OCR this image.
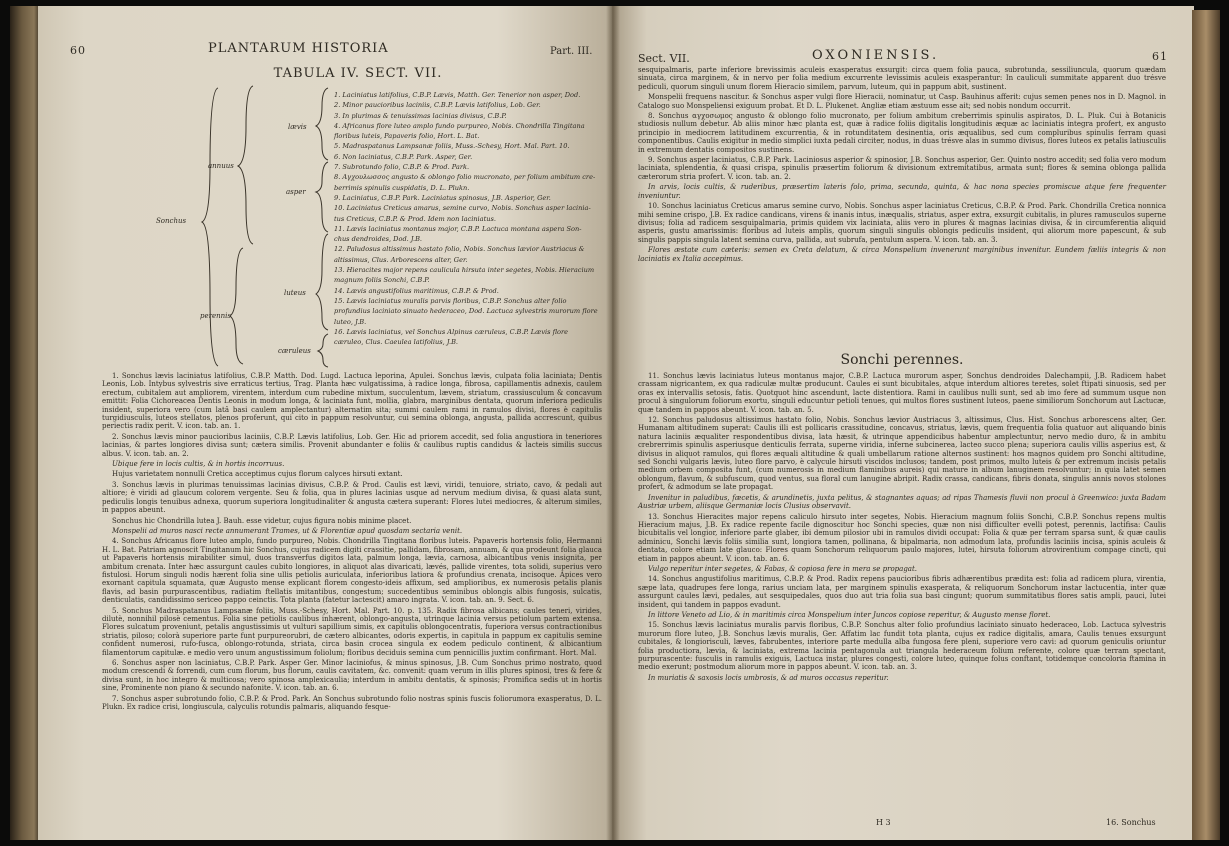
PLANTARUM HISTORIA
60	Part. III.
TABULA IV. SECT. VII.
Sonchus
annuus
perennis
lævis
asper
luteus
cæruleus
1. Laciniatus latifolius, C.B.P. Lævis, Matth. Ger. Tenerior non asper, Dod.
2. Minor paucioribus laciniis, C.B.P. Lævis latifolius, Lob. Ger.
3. In plurimas & tenuissimas lacinias divisus, C.B.P.
4. Africanus flore luteo amplo fundo purpureo, Nobis. Chondrilla Tingitana
floribus luteis, Papaveris folio, Hort. L. Bat.
5. Madraspatanus Lampsanæ foliis, Muss.-Schesy, Hort. Mal. Part. 10.
6. Non laciniatus, C.B.P. Park. Asper, Ger.
7. Subrotundo folio, C.B.P. & Prod. Park.
8. Αγχουλωσσος angusto & oblongo folio mucronato, per folium ambitum cre-
berrimis spinulis cuspidatis, D. L. Plukn.
9. Laciniatus, C.B.P. Park. Laciniatus spinosus, J.B. Asperior, Ger.
10. Laciniatus Creticus amarus, semine curvo, Nobis. Sonchus asper lacinia-
tus Creticus, C.B.P. & Prod. Idem non laciniatus.
11. Lævis laciniatus montanus major, C.B.P. Lactuca montana aspera Son-
chus dendroides, Dod. J.B.
12. Paludosus altissimus hastato folio, Nobis. Sonchus lævior Austriacus &
altissimus, Clus. Arborescens alter, Ger.
13. Hieracites major repens caulicula hirsuta inter segetes, Nobis. Hieracium
magnum foliis Sonchi, C.B.P.
14. Lævis angustifolius maritimus, C.B.P. & Prod.
15. Lævis laciniatus muralis parvis floribus, C.B.P. Sonchus alter folio
profundius laciniato sinuato hederaceo, Dod. Lactuca sylvestris murorum flore
luteo, J.B.
16. Lævis laciniatus, vel Sonchus Alpinus cæruleus, C.B.P. Lævis flore
cæruleo, Clus. Caeulea latifolius, J.B.

1. Sonchus lævis laciniatus latifolius, C.B.P. Matth. Dod. Lugd. Lactuca leporina, Apulei. Sonchus lævis, culpata folia laciniata; Dentis Leonis, Lob. Intybus sylvestris sive erraticus tertius, Trag. Planta hæc vulgatissima, à radice longa, fibrosa, capillamentis adnexis, caulem erectum, cubitalem aut ampliorem, virentem, interdum cum rubedine mixtum, succulentum, lævem, striatum, crassiusculum & concavum emittit: Folia Cichoreacea Dentis Leonis in modum longa, & laciniata funt, mollia, glabra, marginibus dentata, quorum inferiora pediculis insident, superiora vero (cum latâ basi caulem amplectantur) alternatim sita; summi caulem rami in ramulos divisi, flores è capitulis turgidiusculis, luteos stellatos, plenos proferunt, qui cito in pappum resolvuntur, cui semina oblonga, angusta, pallida accrescunt, quibus periectis radix perit. V. icon. tab. an. 1.

2. Sonchus lævis minor paucioribus laciniis, C.B.P. Lævis latifolius, Lob. Ger. Hic ad priorem accedit, sed folia angustiora in teneriores lacinias, & partes longiores divisa sunt; cætera similis. Provenit abundanter e foliis & caulibus ruptis candidus & lacteis similis succus albus. V. icon. tab. an. 2.

Ubique fere in locis cultis, & in hortis incorruus.

Hujus varietatem nonnulli Cretica acceptimus cujus florum calyces hirsuti extant.

3. Sonchus lævis in plurimas tenuissimas lacinias divisus, C.B.P. & Prod. Caulis est lævi, viridi, tenuiore, striato, cavo, & pedali aut altiore; è viridi ad glaucum colorem vergente. Seu & folia, qua in plures lacinias usque ad nervum medium divisa, & quasi alata sunt, pediculis longis tenuibus adnexa, quorum superiora longitudinaliter & angusta cætera superant: Flores lutei mediocres, & alterum similes, in pappos abeunt.

Sonchus hic Chondrilla lutea J. Bauh. esse videtur, cujus figura nobis minime placet.

Monspelii ad muros nasci recte annumerant Trames, ut & Florentiæ apud quosdam sectaria venit.

4. Sonchus Africanus flore luteo amplo, fundo purpureo, Nobis. Chondrilla Tingitana floribus luteis. Papaveris hortensis folio, Hermanni H. L. Bat. Patriam agnoscit Tingitanum hic Sonchus, cujus radicem digiti crassitie, pallidam, fibrosam, annuam, & qua prodeunt folia glauca ut Papaveris hortensis mirabiliter simul, duos transverfus digitos lata, palmum longa, lævia, carnosa, albicantibus venis insignita, per ambitum crenata. Inter hæc assurgunt caules cubito longiores, in aliquot alas divaricati, lævés, pallide virentes, tota solidi, superius vero fistulosi. Horum singuli nodis hærent folia sine ullis petiolis auriculata, inferioribus latiora & profundius crenata, incisoque. Apices vero exornant capitula squamata, quæ Augusto mense explicant florem congesto-ideis affixum, sed amplioribus, ex numerosis petalis planis flavis, ad basin purpurascentibus, radiatim ftellatis imitantibus, congestum; succedentibus seminibus oblongis albis fungosis, sulcatis, denticulatis, candidissimo sericeo pappo ceinctis. Tota planta (fatetur lactescit) amaro ingrata. V. icon. tab. an. 9. Sect. 6.

5. Sonchus Madraspatanus Lampsanæ foliis, Muss.-Schesy, Hort. Mal. Part. 10. p. 135. Radix fibrosa albicans; caules teneri, virides, dilutè, nonnihil pilosè cementus. Folia sine petiolis caulibus inhærent, oblongo-angusta, utrinque lacinia versus petiolum partem extensa. Flores sulcatum proveniunt, petalis angustissimis ut vulturi sapillium simis, ex capitulis oblongocentratis, fuperiora versus contractionibus striatis, piloso; colorà superiore parte funt purpureorubri, de cætero albicantes, odoris expertis, in capitula in pappum ex capitulis semine confident numerosi, rufo-fusca, oblongo-rotunda, striata, circa basin crocea singula ex eodem pediculo continent, & albicantium filamentorum capitulæ. e medio vero unum angustissimum foliolum; floribus deciduis semina cum pennicillis juxtim confirmant. Hort. Mal.

6. Sonchus asper non laciniatus, C.B.P. Park. Asper Ger. Minor laciniofus, & minus spinosus, J.B. Cum Sonchus primo nostrato, quod modum crescendi & forrendi, cum cum florum, bus florum, caulis cavitatem, &c. convenit: quam verum in illis plures spinosi, tres & fere & divisa sunt, in hoc integro & multicosa; vero spinosa amplexicaulia; interdum in ambitu dentatis, & spinosis; Promifica sedis ut in hortis sine, Prominente non piano & secundo nafonite. V. icon. tab. an. 6.

7. Sonchus asper subrotundo folio, C.B.P. & Prod. Park. An Sonchus subrotundo folio nostras spinis fuscis foliorumora exasperatus, D. L. Plukn. Ex radice crisi, longiuscula, calyculis rotundis palmaris, aliquando fesque-

Sect. VII.	OXONIENSIS.	61

sesquipalmaris, parte inferiore brevissimis aculeis exasperatus exsurgit: circa quem folia pauca, subrotunda, sessiliuncula, quorum quædam sinuata, circa marginem, & in nervo per folia medium excurrente levissimis aculeis exasperantur: In cauliculi summitate apparent duo trésve pediculi, quorum singuli unum florem Hieracio similem, parvum, luteum, qui in pappum abit, sustinent.

Monspelii frequens nascitur. & Sonchus asper vulgi flore Hieracii, nominatur, ut Casp. Bauhinus afferit: cujus semen penes nos in D. Magnol. in Catalogo suo Monspeliensi exiguum probat. Et D. L. Plukenet. Angliæ etiam æstuum esse ait; sed nobis nondum occurrit.

8. Sonchus αγχοσωμος angusto & oblongo folio mucronato, per folium ambitum creberrimis spinulis aspiratos, D. L. Pluk. Cui à Botanicis studiosis nullum debetur. Ab aliis minor hæc planta est, quæ à radice foliis digitalis longitudinis æquæ ac laciniatis integra profert, ex angusto principio in mediocrem latitudinem excurrentia, & in rotunditatem desinentia, oris æqualibus, sed cum compluribus spinulis ferram quasi componentibus. Caulis exigitur in medio simplici iuxta pedali circiter, nodus, in duas trésve alas in summo divisus, flores luteos ex petalis latiusculis in extremum dentatis compositos sustinens.

9. Sonchus asper laciniatus, C.B.P. Park. Laciniosus asperior & spinosior, J.B. Sonchus asperior, Ger. Quinto nostro accedit; sed folia vero modum laciniata, splendentia, & quasi crispa, spinulis præsertim foliorum & divisionum extremitatibus, armata sunt; flores & semina oblonga pallida cæterorum stria profert. V. icon. tab. an. 2.

In arvis, locis cultis, & ruderibus, præsertim lateris folo, prima, secunda, quinta, & hac nona species promiscue atque fere frequenter inveniuntur.

10. Sonchus laciniatus Creticus amarus semine curvo, Nobis. Sonchus asper laciniatus Creticus, C.B.P. & Prod. Park. Chondrilla Cretica nonnica mihi semine crispo, J.B. Ex radice candicans, virens & inanis intus, inæqualis, striatus, asper extra, exsurgit cubitalis, in plures ramusculos superne divisus; folia ad radicem sesquipalmaria, primis quidem vix laciniata, aliis vero in plures & magnas lacinias divisa, & in circumferentia aliquid asperis, gustu amarissimis: floribus ad luteis amplis, quorum singuli singulis oblongis pediculis insident, qui aliorum more papescunt, & sub singulis pappis singula latent semina curva, pallida, aut subrufa, pentulum aspera. V. icon. tab. an. 3.

Flores æstate cum cæteris: semen ex Creta delatum, & circa Monspelium invenerunt marginibus invenitur. Eundem fæliis integris & non laciniatis ex Italia accepimus.

Sonchi perennes.

11. Sonchus lævis laciniatus luteus montanus major, C.B.P. Lactuca murorum asper, Sonchus dendroides Dalechampii, J.B. Radicem habet crassam nigricantem, ex qua radiculæ multæ producunt. Caules ei sunt bicubitales, atque interdum altiores teretes, solet ftipati sinuosis, sed per oras ex intervallis setosis, fatis. Quotquot hinc ascendunt, lacte distentiora. Rami in caulibus nulli sunt, sed ab imo fere ad summum usque non procul à singulorum foliorum exortu, singuli educuntur petioli tenues, qui multos flores sustinent luteos, paene similiorum Sonchorum aut Lactucæ, quæ tandem in pappos abeunt. V. icon. tab. an. 5.

12. Sonchus paludosus altissimus hastato folio, Nobis. Sonchus lævior Austriacus 3, altissimus, Clus. Hist. Sonchus arborescens alter, Ger. Humanam altitudinem superat: Caulis illi est pollicaris crassitudine, concavus, striatus, lævis, quem frequentia folia quatuor aut aliquando binis natura laciniis æqualiter respondentibus divisa, lata hæsit, & utrinque appendicibus habentur amplectuntur, nervo medio duro, & in ambitu crebrerrimis spinulis asperiusque denticulis ferrata, superne viridia, inferne subcinerea, lacteo succo plena; superiora caulis villis asperius est, & divisus in aliquot ramulos, qui flores æquali altitudine & quali umbellarum ratione alternos sustinent: hos magnos quidem pro Sonchi altitudine, sed Sonchi vulgaris lævis, luteo flore parvo, è calycule hirsuti viscidos inclusos; tandem, post primos, multo luteis & per extremum incisis petalis medium orbem composita funt, (cum numerosis in medium flaminibus aureis) qui mature in album lanuginem resolvuntur; in quia latet semen oblongum, flavum, & subfuscum, quod ventus, sua floral cum lanugine abripit. Radix crassa, candicans, fibris donata, singulis annis novos stolones profert, & admodum se late propagat.

Invenitur in paludibus, fæcetis, & arundinetis, juxta pelitus, & stagnantes aquas; ad ripas Thamesis fluvii non procul à Greenwico: juxta Badam Austriæ urbem, aliisque Germaniæ locis Clusius observavit.

13. Sonchus Hieracites major repens caliculo hirsuto inter segetes, Nobis. Hieracium magnum foliis Sonchi, C.B.P. Sonchus repens multis Hieracium majus, J.B. Ex radice repente facile dignoscitur hoc Sonchi species, quæ non nisi difficulter evelli potest, perennis, lactifisa: Caulis bicubitalis vel longior, inferiore parte glaber, ibi demum pilosior ubi in ramulos dividi occupat: Folia & quæ per terram sparsa sunt, & quæ caulis adminicu, Sonchi lævis foliis similia sunt, longiora tamen, pollinana, & bipalmaria, non admodum lata, profundis laciniis incisa, spinis aculeis & dentata, colore etiam late glauco: Flores quam Sonchorum reliquorum paulo majores, lutei, hirsuta foliorum atrovirentium compage cincti, qui etiam in pappos abeunt. V. icon. tab. an. 6.

Vulgo reperitur inter segetes, & Fabas, & copiosa fere in mera se propagat.

14. Sonchus angustifolius maritimus, C.B.P. & Prod. Radix repens paucioribus fibris adhærentibus prædita est: folia ad radicem plura, virentia, sæpe lata, quadrupes fere longa, rarius unciam lata, per marginem spinulis exasperata, & reliquorum Sonchorum instar lactucentia, inter quæ assurgunt caules lævi, pedales, aut sesquipedales, quos duo aut tria folia sua basi cingunt; quorum summitatibus flores satis ampli, pauci, lutei insident, qui tandem in pappos evadunt.

In littore Veneto ad Lio, & in maritimis circa Monspelium inter Juncos copiose reperitur, & Augusto mense floret.

15. Sonchus lævis laciniatus muralis parvis floribus, C.B.P. Sonchus alter folio profundius laciniato sinuato hederaceo, Lob. Lactuca sylvestris murorum flore luteo, J.B. Sonchus lævis muralis, Ger. Affatim lac fundit tota planta, cujus ex radice digitalis, amara, Caulis tenues exsurgunt cubitales, & longiorisculi, læves, fabrubentes, interiore parte medulla alba fungosa fere pleni, superiore vero cavi: ad quorum geniculis oriuntur folia productiora, lævia, & laciniata, extrema lacinia pentagonula aut triangula hederaceum folium referente, colore quæ terram spectant, purpurascente: fusculis in ramulis exiguis, Lactuca instar, plures congesti, colore luteo, quinque folus conftant, totidemque concoloria ftamina in medio exerunt; postmodum aliorum more in pappos abeunt. V. icon. tab. an. 3.

In muriatis & saxosis locis umbrosis, & ad muros occasus reperitur.

H 3	16. Sonchus
